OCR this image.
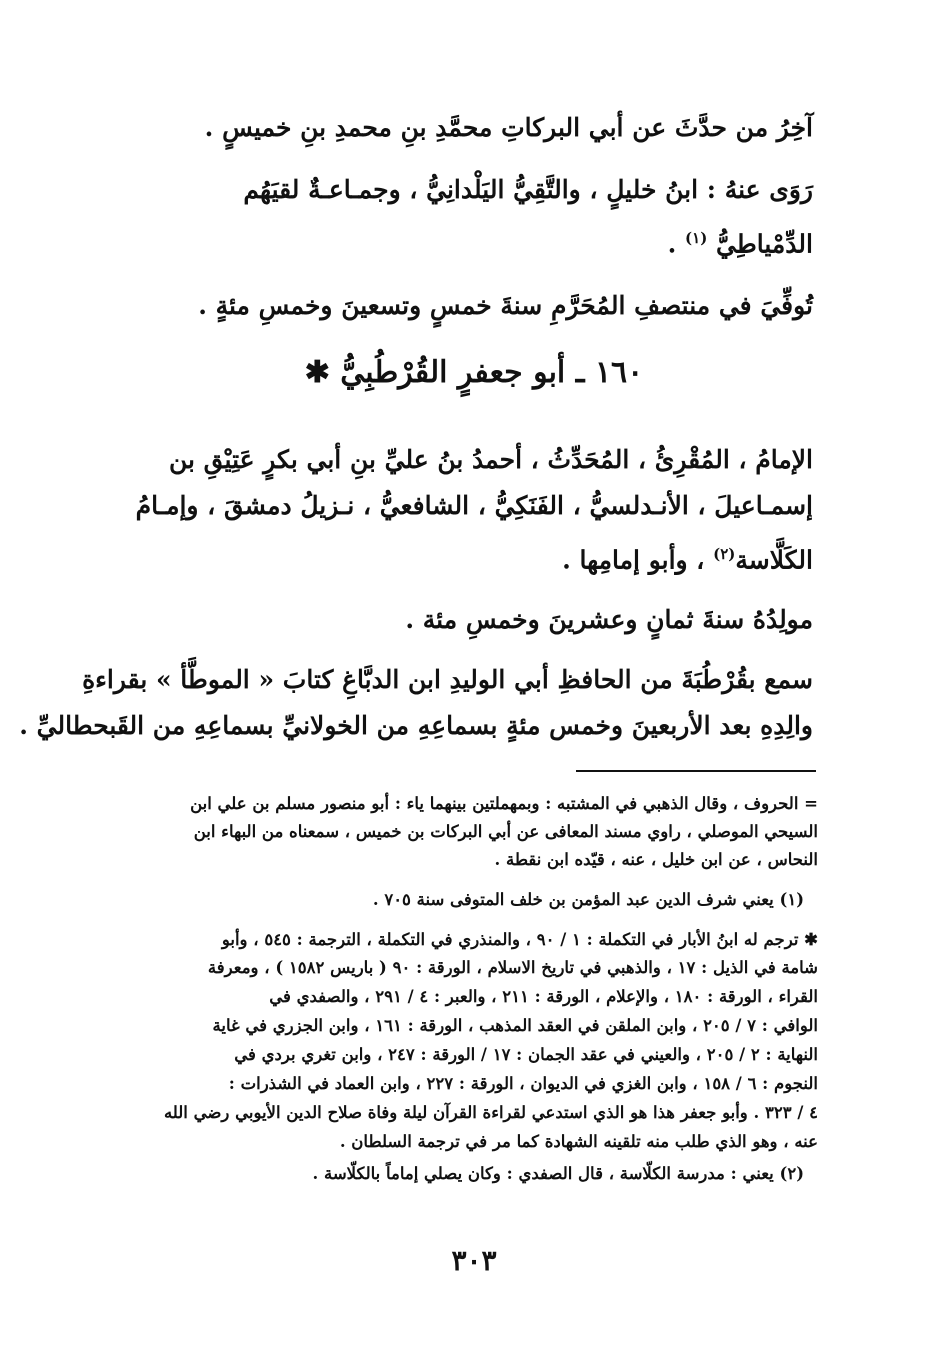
آخِرُ من حدَّثَ عن أبي البركاتِ محمَّدِ بنِ محمدِ بنِ خميسٍ .
رَوَى عنهُ : ابنُ خليلٍ ، والتَّقِيُّ اليَلْدانِيُّ ، وجمـاعـةٌ لقيَهُم
الدِّمْياطِيُّ $^{(١)}$ .
تُوفِّيَ في منتصفِ المُحَرَّمِ سنةَ خمسٍ وتسعينَ وخمسِ مئةٍ .
الإمامُ ، المُقْرِئُ ، المُحَدِّثُ ، أحمدُ بنُ عليِّ بنِ أبي بكرٍ عَتِيْقِ بن
إسمـاعيلَ ، الأنـدلسيُّ ، الفَنَكِيُّ ، الشافعيُّ ، نـزيلُ دمشقَ ، وإمـامُ
الكَلَّاسة$^{(٢)}$ ، وأبو إمامِها .
مولِدُهُ سنةَ ثمانٍ وعشرينَ وخمسِ مئة .
سمع بقُرْطُبَةَ من الحافظِ أبي الوليدِ ابن الدبَّاغِ كتابَ « الموطَّأ » بقراءةِ
والِدِهِ بعد الأربعينَ وخمس مئةٍ بسماعِهِ من الخولانيِّ بسماعِهِ من القَبحطاليِّ .
١٦٠ ـ أبو جعفرٍ القُرْطُبِيُّ ✱
= الحروف ، وقال الذهبي في المشتبه : وبمهملتين بينهما ياء : أبو منصور مسلم بن علي ابن
السيحي الموصلي ، راوي مسند المعافى عن أبي البركات بن خميس ، سمعناه من البهاء ابن
النحاس ، عن ابن خليل ، عنه ، قيّده ابن نقطة .
(١) يعني شرف الدين عبد المؤمن بن خلف المتوفى سنة ٧٠٥ .
✱ ترجم له ابنُ الأبار في التكملة : ١ / ٩٠ ، والمنذري في التكملة ، الترجمة : ٥٤٥ ، وأبو
شامة في الذيل : ١٧ ، والذهبي في تاريخ الاسلام ، الورقة : ٩٠ ( باريس ١٥٨٢ ) ، ومعرفة
القراء ، الورقة : ١٨٠ ، والإعلام ، الورقة : ٢١١ ، والعبر : ٤ / ٢٩١ ، والصفدي في
الوافي : ٧ / ٢٠٥ ، وابن الملقن في العقد المذهب ، الورقة : ١٦١ ، وابن الجزري في غاية
النهاية : ٢ / ٢٠٥ ، والعيني في عقد الجمان : ١٧ / الورقة : ٢٤٧ ، وابن تغري بردي في
النجوم : ٦ / ١٥٨ ، وابن الغزي في الديوان ، الورقة : ٢٢٧ ، وابن العماد في الشذرات :
٤ / ٣٢٣ . وأبو جعفر هذا هو الذي استدعي لقراءة القرآن ليلة وفاة صلاح الدين الأيوبي رضي الله
عنه ، وهو الذي طلب منه تلقينه الشهادة كما مر في ترجمة السلطان .
(٢) يعني : مدرسة الكلّاسة ، قال الصفدي : وكان يصلي إماماً بالكلّاسة .
٣٠٣
